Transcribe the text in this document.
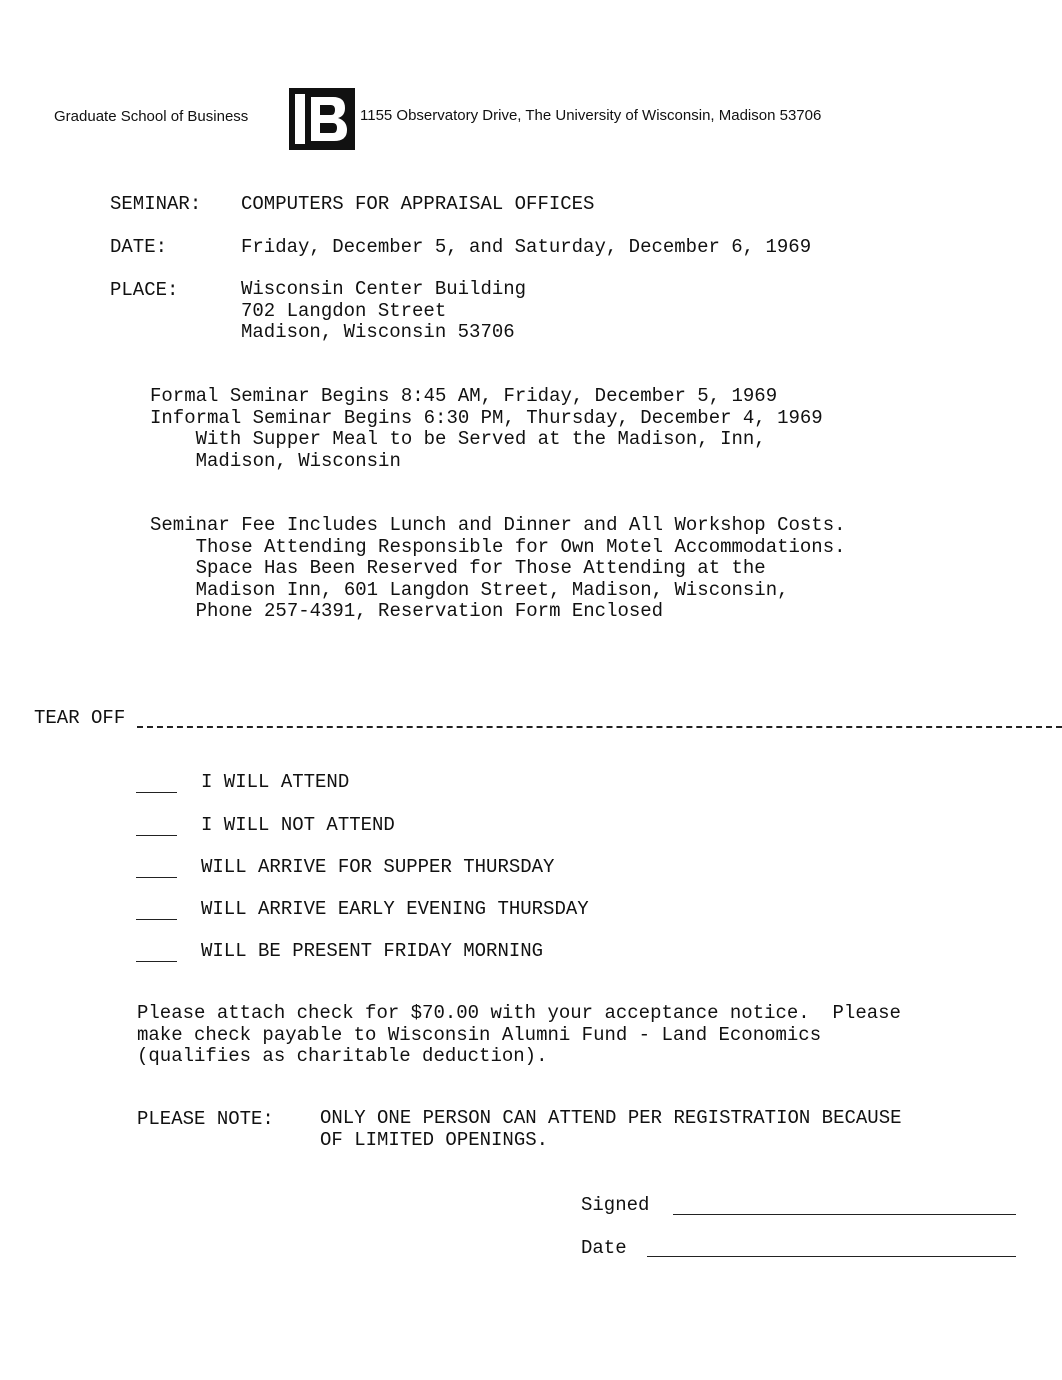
Graduate School of Business	1155 Observatory Drive, The University of Wisconsin, Madison 53706
SEMINAR: COMPUTERS FOR APPRAISAL OFFICES
DATE:	Friday, December 5, and Saturday, December 6, 1969
PLACE:	Wisconsin Center Building
702 Langdon Street
Madison, Wisconsin 53706
Formal Seminar Begins 8:45 AM, Friday, December 5, 1969
Informal Seminar Begins 6:30 PM, Thursday, December 4, 1969
With Supper Meal to be Served at the Madison, Inn,
Madison, Wisconsin
Seminar Fee Includes Lunch and Dinner and All Workshop Costs.
Those Attending Responsible for Own Motel Accommodations.
Space Has Been Reserved for Those Attending at the
Madison Inn, 601 Langdon Street, Madison, Wisconsin,
Phone 257-4391, Reservation Form Enclosed
TEAR OFF
I WILL ATTEND
I WILL NOT ATTEND
WILL ARRIVE FOR SUPPER THURSDAY
WILL ARRIVE EARLY EVENING THURSDAY
WILL BE PRESENT FRIDAY MORNING
Please attach check for $70.00 with your acceptance notice.  Please
make check payable to Wisconsin Alumni Fund - Land Economics
(qualifies as charitable deduction).
PLEASE NOTE: ONLY ONE PERSON CAN ATTEND PER REGISTRATION BECAUSE
OF LIMITED OPENINGS.
Signed
Date
